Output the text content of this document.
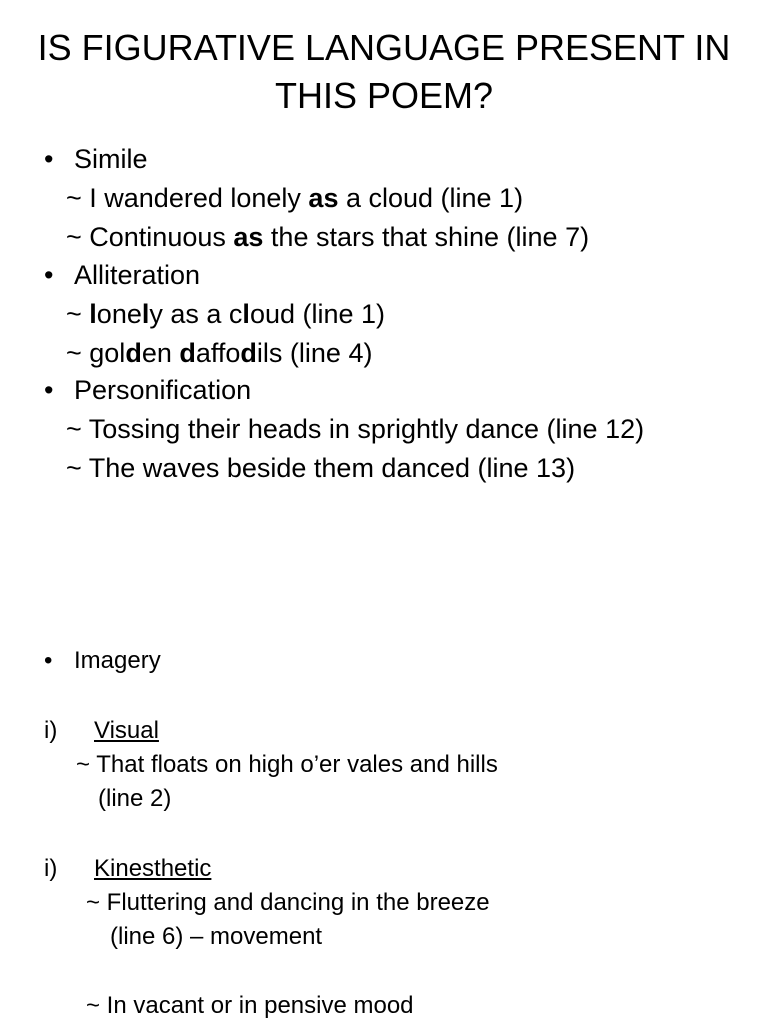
IS FIGURATIVE LANGUAGE PRESENT IN THIS POEM?
• Simile
~ I wandered lonely as a cloud (line 1)
~ Continuous as the stars that shine (line 7)
• Alliteration
~ lonely as a cloud (line 1)
~ golden daffodils (line 4)
• Personification
~ Tossing their heads in sprightly dance (line 12)
~ The waves beside them danced (line 13)
• Imagery
i) Visual
~ That floats on high o’er vales and hills
(line 2)
i) Kinesthetic
~ Fluttering and dancing in the breeze
(line 6) – movement
~ In vacant or in pensive mood
